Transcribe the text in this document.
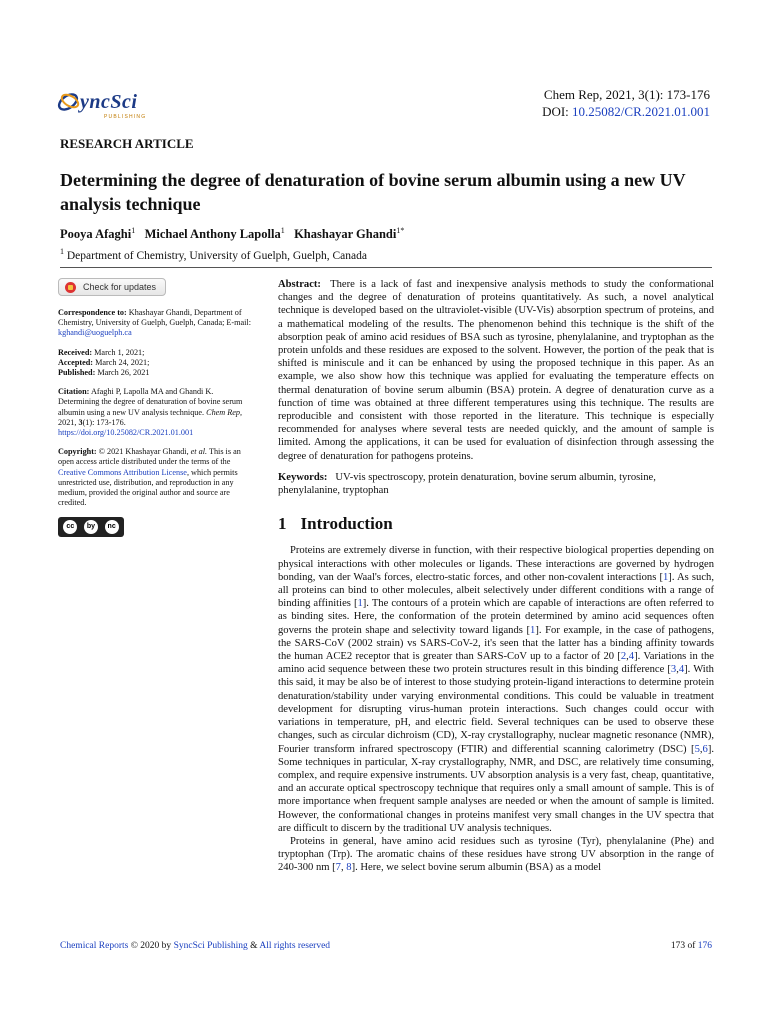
yncSci
PUBLISHING
Chem Rep, 2021, 3(1): 173-176
DOI: 10.25082/CR.2021.01.001
RESEARCH ARTICLE
Determining the degree of denaturation of bovine serum albumin using a new UV analysis technique
Pooya Afaghi$^1$ Michael Anthony Lapolla$^1$ Khashayar Ghandi$^{1*}$
$^1$ Department of Chemistry, University of Guelph, Guelph, Canada
Check for updates

Correspondence to: Khashayar Ghandi, Department of Chemistry, University of Guelph, Guelph, Canada; E-mail: kghandi@uoguelph.ca

Received: March 1, 2021;
Accepted: March 24, 2021;
Published: March 26, 2021

Citation: Afaghi P, Lapolla MA and Ghandi K. Determining the degree of denaturation of bovine serum albumin using a new UV analysis technique. Chem Rep, 2021, 3(1): 173-176.
https://doi.org/10.25082/CR.2021.01.001

Copyright: © 2021 Khashayar Ghandi, et al. This is an open access article distributed under the terms of the Creative Commons Attribution License, which permits unrestricted use, distribution, and reproduction in any medium, provided the original author and source are credited.

cc	by	nc

Abstract: There is a lack of fast and inexpensive analysis methods to study the conformational changes and the degree of denaturation of proteins quantitatively. As such, a novel analytical technique is developed based on the ultraviolet-visible (UV-Vis) absorption spectrum of proteins, and a mathematical modeling of the results. The phenomenon behind this technique is the shift of the absorption peak of amino acid residues of BSA such as tyrosine, phenylalanine, and tryptophan as the protein unfolds and these residues are exposed to the solvent. However, the portion of the peak that is shifted is miniscule and it can be enhanced by using the proposed technique in this paper. As an example, we also show how this technique was applied for evaluating the temperature effects on thermal denaturation of bovine serum albumin (BSA) protein. A degree of denaturation curve as a function of time was obtained at three different temperatures using this technique. The results are reproducible and consistent with those reported in the literature. This technique is especially recommended for analyses where several tests are needed quickly, and the amount of sample is limited. Among the applications, it can be used for evaluation of disinfection through assessing the degree of denaturation for pathogens proteins.

Keywords: UV-vis spectroscopy, protein denaturation, bovine serum albumin, tyrosine, phenylalanine, tryptophan

1 Introduction

Proteins are extremely diverse in function, with their respective biological properties depending on physical interactions with other molecules or ligands. These interactions are governed by hydrogen bonding, van der Waal's forces, electro-static forces, and other non-covalent interactions [1]. As such, all proteins can bind to other molecules, albeit selectively under different conditions with a range of binding affinities [1]. The contours of a protein which are capable of interactions are often referred to as binding sites. Here, the conformation of the protein determined by amino acid sequences often governs the protein shape and selectivity toward ligands [1]. For example, in the case of pathogens, the SARS-CoV (2002 strain) vs SARS-CoV-2, it's seen that the latter has a binding affinity towards the human ACE2 receptor that is greater than SARS-CoV up to a factor of 20 [2,4]. Variations in the amino acid sequence between these two protein structures result in this binding difference [3,4]. With this said, it may be also be of interest to those studying protein-ligand interactions to determine protein denaturation/stability under varying environmental conditions. This could be valuable in treatment development for disrupting virus-human protein interactions. Such changes could occur with variations in temperature, pH, and electric field. Several techniques can be used to observe these changes, such as circular dichroism (CD), X-ray crystallography, nuclear magnetic resonance (NMR), Fourier transform infrared spectroscopy (FTIR) and differential scanning calorimetry (DSC) [5,6]. Some techniques in particular, X-ray crystallography, NMR, and DSC, are relatively time consuming, complex, and require expensive instruments. UV absorption analysis is a very fast, cheap, quantitative, and an accurate optical spectroscopy technique that requires only a small amount of sample. This is of more importance when frequent sample analyses are needed or when the amount of sample is limited. However, the conformational changes in proteins manifest very small changes in the UV spectra that are difficult to discern by the traditional UV analysis techniques.

Proteins in general, have amino acid residues such as tyrosine (Tyr), phenylalanine (Phe) and tryptophan (Trp). The aromatic chains of these residues have strong UV absorption in the range of 240-300 nm [7, 8]. Here, we select bovine serum albumin (BSA) as a model

Chemical Reports © 2020 by SyncSci Publishing & All rights reserved	173 of 176
